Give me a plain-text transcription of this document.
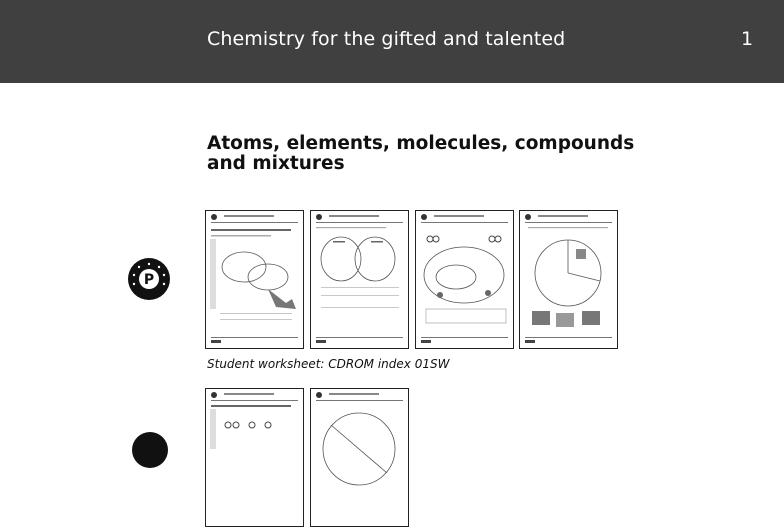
Chemistry for the gifted and talented	1
Atoms, elements, molecules, compounds and mixtures
P
Student worksheet: CDROM index 01SW
